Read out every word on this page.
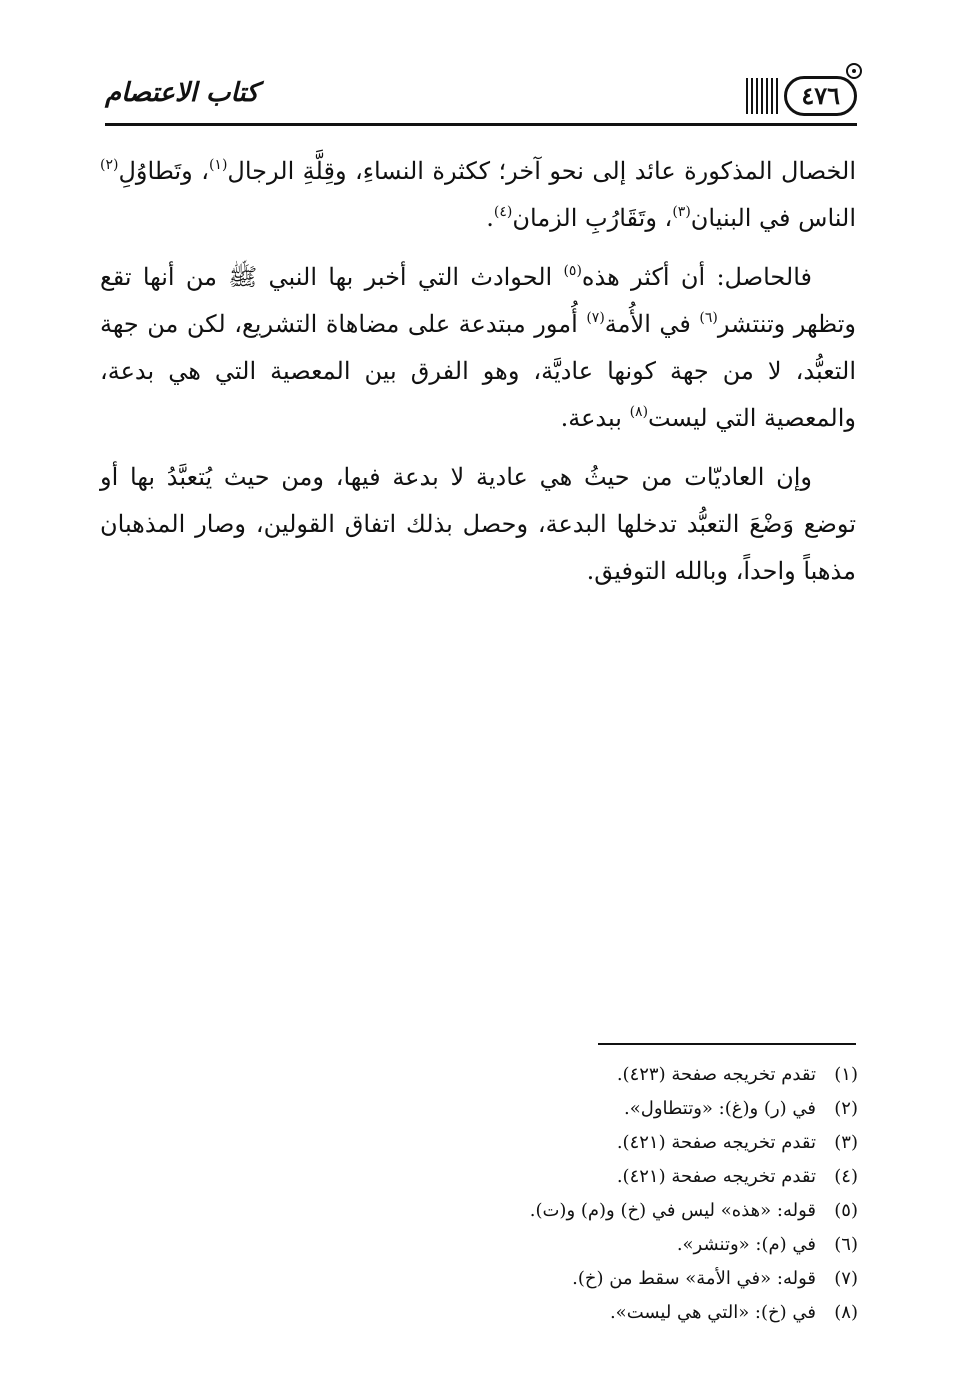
٤٧٦
كتاب الاعتصام

الخصال المذكورة عائد إلى نحو آخر؛ ككثرة النساءِ، وقِلَّةِ الرجال$^{(١)}$، وتَطاوُلِ$^{(٢)}$ الناس في البنيان$^{(٣)}$، وتَقَارُبِ الزمان$^{(٤)}$.

فالحاصل: أن أكثر هذه$^{(٥)}$ الحوادث التي أخبر بها النبي ﷺ من أنها تقع وتظهر وتنتشر$^{(٦)}$ في الأُمة$^{(٧)}$ أُمور مبتدعة على مضاهاة التشريع، لكن من جهة التعبُّد، لا من جهة كونها عاديَّة، وهو الفرق بين المعصية التي هي بدعة، والمعصية التي ليست$^{(٨)}$ ببدعة.

وإن العاديّات من حيثُ هي عادية لا بدعة فيها، ومن حيث يُتعبَّدُ بها أو توضع وَضْعَ التعبُّد تدخلها البدعة، وحصل بذلك اتفاق القولين، وصار المذهبان مذهباً واحداً، وبالله التوفيق.

(١)تقدم تخريجه صفحة (٤٢٣).
(٢)في (ر) و(غ): «وتتطاول».
(٣)تقدم تخريجه صفحة (٤٢١).
(٤)تقدم تخريجه صفحة (٤٢١).
(٥)قوله: «هذه» ليس في (خ) و(م) و(ت).
(٦)في (م): «وتنشر».
(٧)قوله: «في الأمة» سقط من (خ).
(٨)في (خ): «التي هي ليست».
